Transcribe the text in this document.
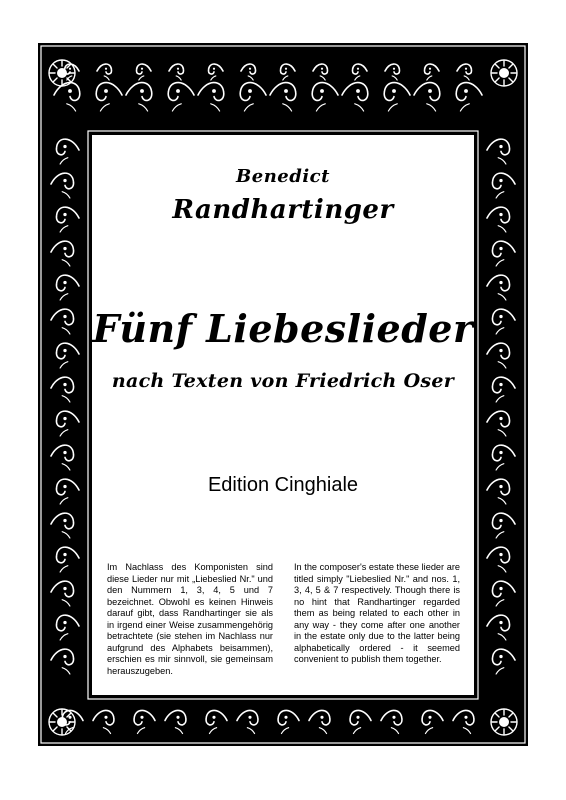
Benedict
Randhartinger
Fünf Liebeslieder
nach Texten von Friedrich Oser
Edition Cinghiale
Im Nachlass des Komponisten sind diese Lieder nur mit „Liebeslied Nr." und den Nummern 1, 3, 4, 5 und 7 bezeichnet. Obwohl es keinen Hinweis darauf gibt, dass Randhartinger sie als in irgend einer Weise zusammengehörig betrachtete (sie stehen im Nachlass nur aufgrund des Alphabets beisammen), erschien es mir sinnvoll, sie gemeinsam herauszugeben.
In the composer's estate these lieder are titled simply "Liebeslied Nr." and nos. 1, 3, 4, 5 & 7 respectively. Though there is no hint that Randhartinger regarded them as being related to each other in any way - they come after one another in the estate only due to the latter being alphabetically ordered - it seemed convenient to publish them together.
